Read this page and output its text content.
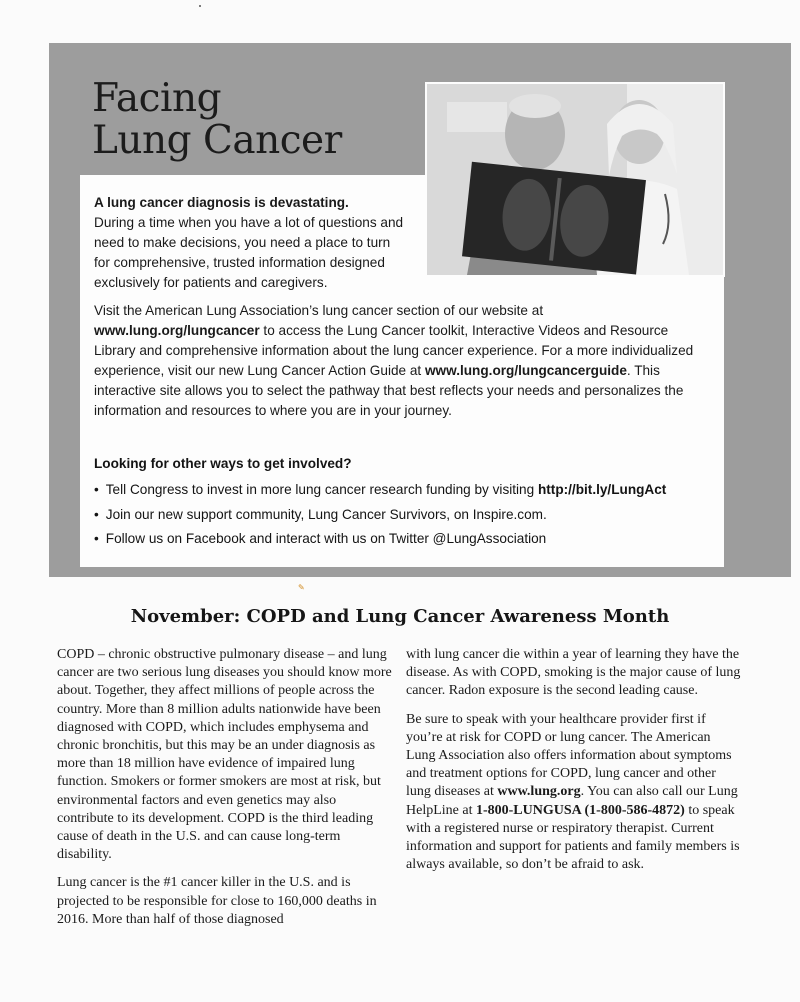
Facing
Lung Cancer
A lung cancer diagnosis is devastating.
During a time when you have a lot of questions and need to make decisions, you need a place to turn for comprehensive, trusted information designed exclusively for patients and caregivers.

Visit the American Lung Association’s lung cancer section of our website at www.lung.org/lungcancer to access the Lung Cancer toolkit, Interactive Videos and Resource Library and comprehensive information about the lung cancer experience. For a more individualized experience, visit our new Lung Cancer Action Guide at www.lung.org/lungcancerguide. This interactive site allows you to select the pathway that best reflects your needs and personalizes the information and resources to where you are in your journey.

Looking for other ways to get involved?

• Tell Congress to invest in more lung cancer research funding by visiting http://bit.ly/LungAct
• Join our new support community, Lung Cancer Survivors, on Inspire.com.
• Follow us on Facebook and interact with us on Twitter @LungAssociation
✎
November: COPD and Lung Cancer Awareness Month

COPD – chronic obstructive pulmonary disease – and lung cancer are two serious lung diseases you should know more about. Together, they affect millions of people across the country. More than 8 million adults nationwide have been diagnosed with COPD, which includes emphysema and chronic bronchitis, but this may be an under diagnosis as more than 18 million have evidence of impaired lung function. Smokers or former smokers are most at risk, but environmental factors and even genetics may also contribute to its development. COPD is the third leading cause of death in the U.S. and can cause long-term disability.

Lung cancer is the #1 cancer killer in the U.S. and is projected to be responsible for close to 160,000 deaths in 2016. More than half of those diagnosed

with lung cancer die within a year of learning they have the disease. As with COPD, smoking is the major cause of lung cancer. Radon exposure is the second leading cause.

Be sure to speak with your healthcare provider first if you’re at risk for COPD or lung cancer. The American Lung Association also offers information about symptoms and treatment options for COPD, lung cancer and other lung diseases at www.lung.org. You can also call our Lung HelpLine at 1-800-LUNGUSA (1-800-586-4872) to speak with a registered nurse or respiratory therapist. Current information and support for patients and family members is always available, so don’t be afraid to ask.
